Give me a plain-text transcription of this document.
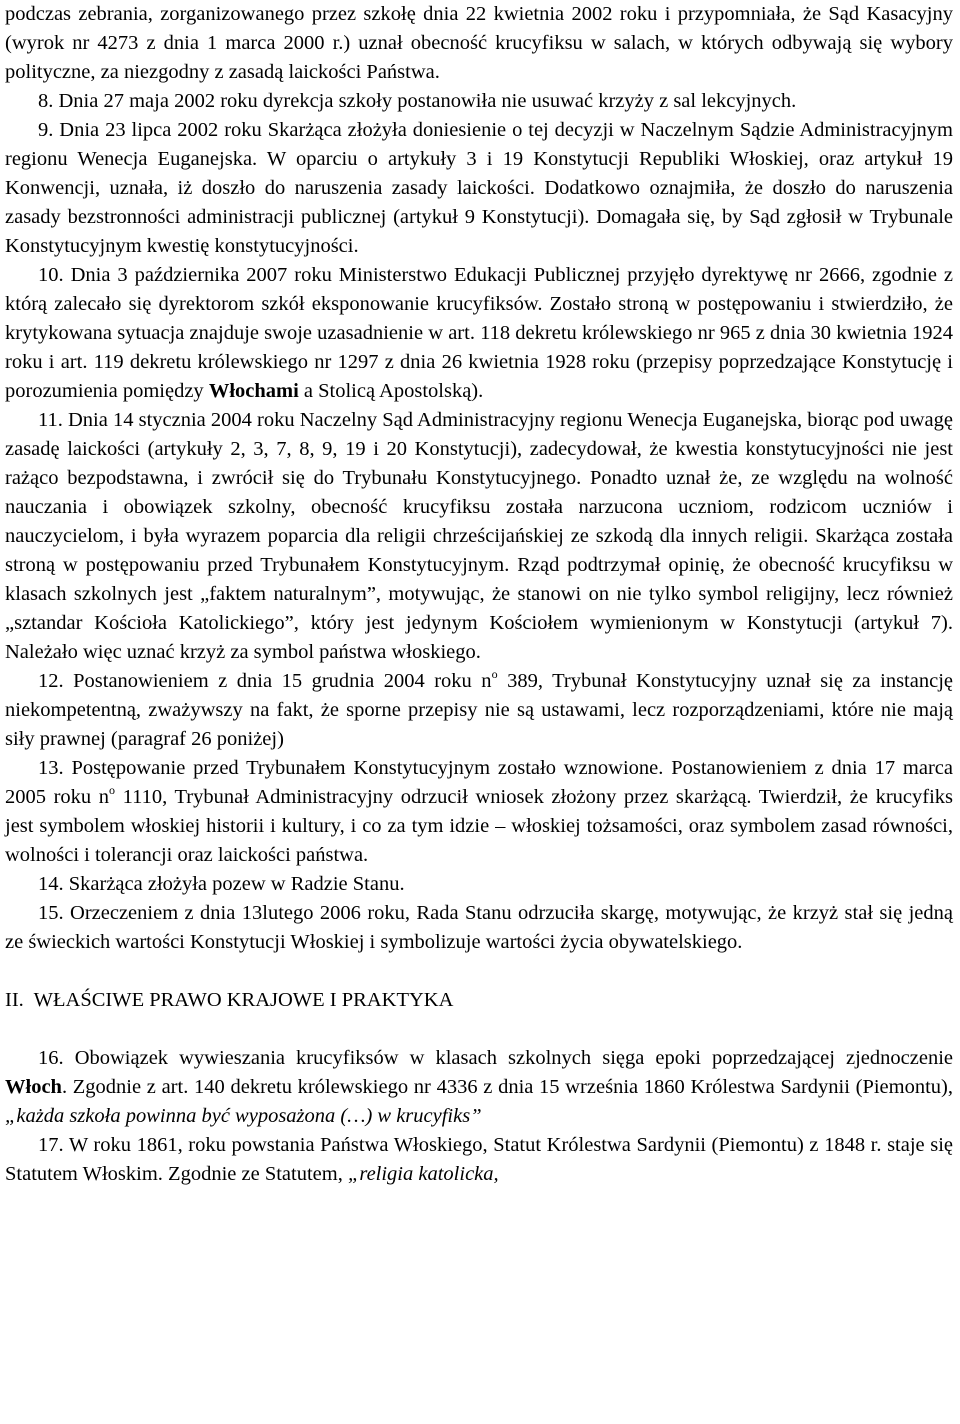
podczas zebrania, zorganizowanego przez szkołę dnia 22 kwietnia 2002 roku i przypomniała, że Sąd Kasacyjny (wyrok nr 4273 z dnia 1 marca 2000 r.) uznał obecność krucyfiksu w salach, w których odbywają się wybory polityczne, za niezgodny z zasadą laickości Państwa.

8. Dnia 27 maja 2002 roku dyrekcja szkoły postanowiła nie usuwać krzyży z sal lekcyjnych.

9. Dnia 23 lipca 2002 roku Skarżąca złożyła doniesienie o tej decyzji w Naczelnym Sądzie Administracyjnym regionu Wenecja Euganejska. W oparciu o artykuły 3 i 19 Konstytucji Republiki Włoskiej, oraz artykuł 19 Konwencji, uznała, iż doszło do naruszenia zasady laickości. Dodatkowo oznajmiła, że doszło do naruszenia zasady bezstronności administracji publicznej (artykuł 9 Konstytucji). Domagała się, by Sąd zgłosił w Trybunale Konstytucyjnym kwestię konstytucyjności.

10. Dnia 3 października 2007 roku Ministerstwo Edukacji Publicznej przyjęło dyrektywę nr 2666, zgodnie z którą zalecało się dyrektorom szkół eksponowanie krucyfiksów. Zostało stroną w postępowaniu i stwierdziło, że krytykowana sytuacja znajduje swoje uzasadnienie w art. 118 dekretu królewskiego nr 965 z dnia 30 kwietnia 1924 roku i art. 119 dekretu królewskiego nr 1297 z dnia 26 kwietnia 1928 roku (przepisy poprzedzające Konstytucję i porozumienia pomiędzy Włochami a Stolicą Apostolską).

11. Dnia 14 stycznia 2004 roku Naczelny Sąd Administracyjny regionu Wenecja Euganejska, biorąc pod uwagę zasadę laickości (artykuły 2, 3, 7, 8, 9, 19 i 20 Konstytucji), zadecydował, że kwestia konstytucyjności nie jest rażąco bezpodstawna, i zwrócił się do Trybunału Konstytucyjnego. Ponadto uznał że, ze względu na wolność nauczania i obowiązek szkolny, obecność krucyfiksu została narzucona uczniom, rodzicom uczniów i nauczycielom, i była wyrazem poparcia dla religii chrześcijańskiej ze szkodą dla innych religii. Skarżąca została stroną w postępowaniu przed Trybunałem Konstytucyjnym. Rząd podtrzymał opinię, że obecność krucyfiksu w klasach szkolnych jest „faktem naturalnym”, motywując, że stanowi on nie tylko symbol religijny, lecz również „sztandar Kościoła Katolickiego”, który jest jedynym Kościołem wymienionym w Konstytucji (artykuł 7). Należało więc uznać krzyż za symbol państwa włoskiego.

12. Postanowieniem z dnia 15 grudnia 2004 roku $n^o$ 389, Trybunał Konstytucyjny uznał się za instancję niekompetentną, zważywszy na fakt, że sporne przepisy nie są ustawami, lecz rozporządzeniami, które nie mają siły prawnej (paragraf 26 poniżej)

13. Postępowanie przed Trybunałem Konstytucyjnym zostało wznowione. Postanowieniem z dnia 17 marca 2005 roku $n^o$ 1110, Trybunał Administracyjny odrzucił wniosek złożony przez skarżącą. Twierdził, że krucyfiks jest symbolem włoskiej historii i kultury, i co za tym idzie – włoskiej tożsamości, oraz symbolem zasad równości, wolności i tolerancji oraz laickości państwa.

14. Skarżąca złożyła pozew w Radzie Stanu.

15. Orzeczeniem z dnia 13lutego 2006 roku, Rada Stanu odrzuciła skargę, motywując, że krzyż stał się jedną ze świeckich wartości Konstytucji Włoskiej i symbolizuje wartości życia obywatelskiego.

II.  WŁAŚCIWE PRAWO KRAJOWE I PRAKTYKA

16. Obowiązek wywieszania krucyfiksów w klasach szkolnych sięga epoki poprzedzającej zjednoczenie Włoch. Zgodnie z art. 140 dekretu królewskiego nr 4336 z dnia 15 września 1860 Królestwa Sardynii (Piemontu), „każda szkoła powinna być wyposażona (…) w krucyfiks”

17. W roku 1861, roku powstania Państwa Włoskiego, Statut Królestwa Sardynii (Piemontu) z 1848 r. staje się Statutem Włoskim. Zgodnie ze Statutem, „religia katolicka,
